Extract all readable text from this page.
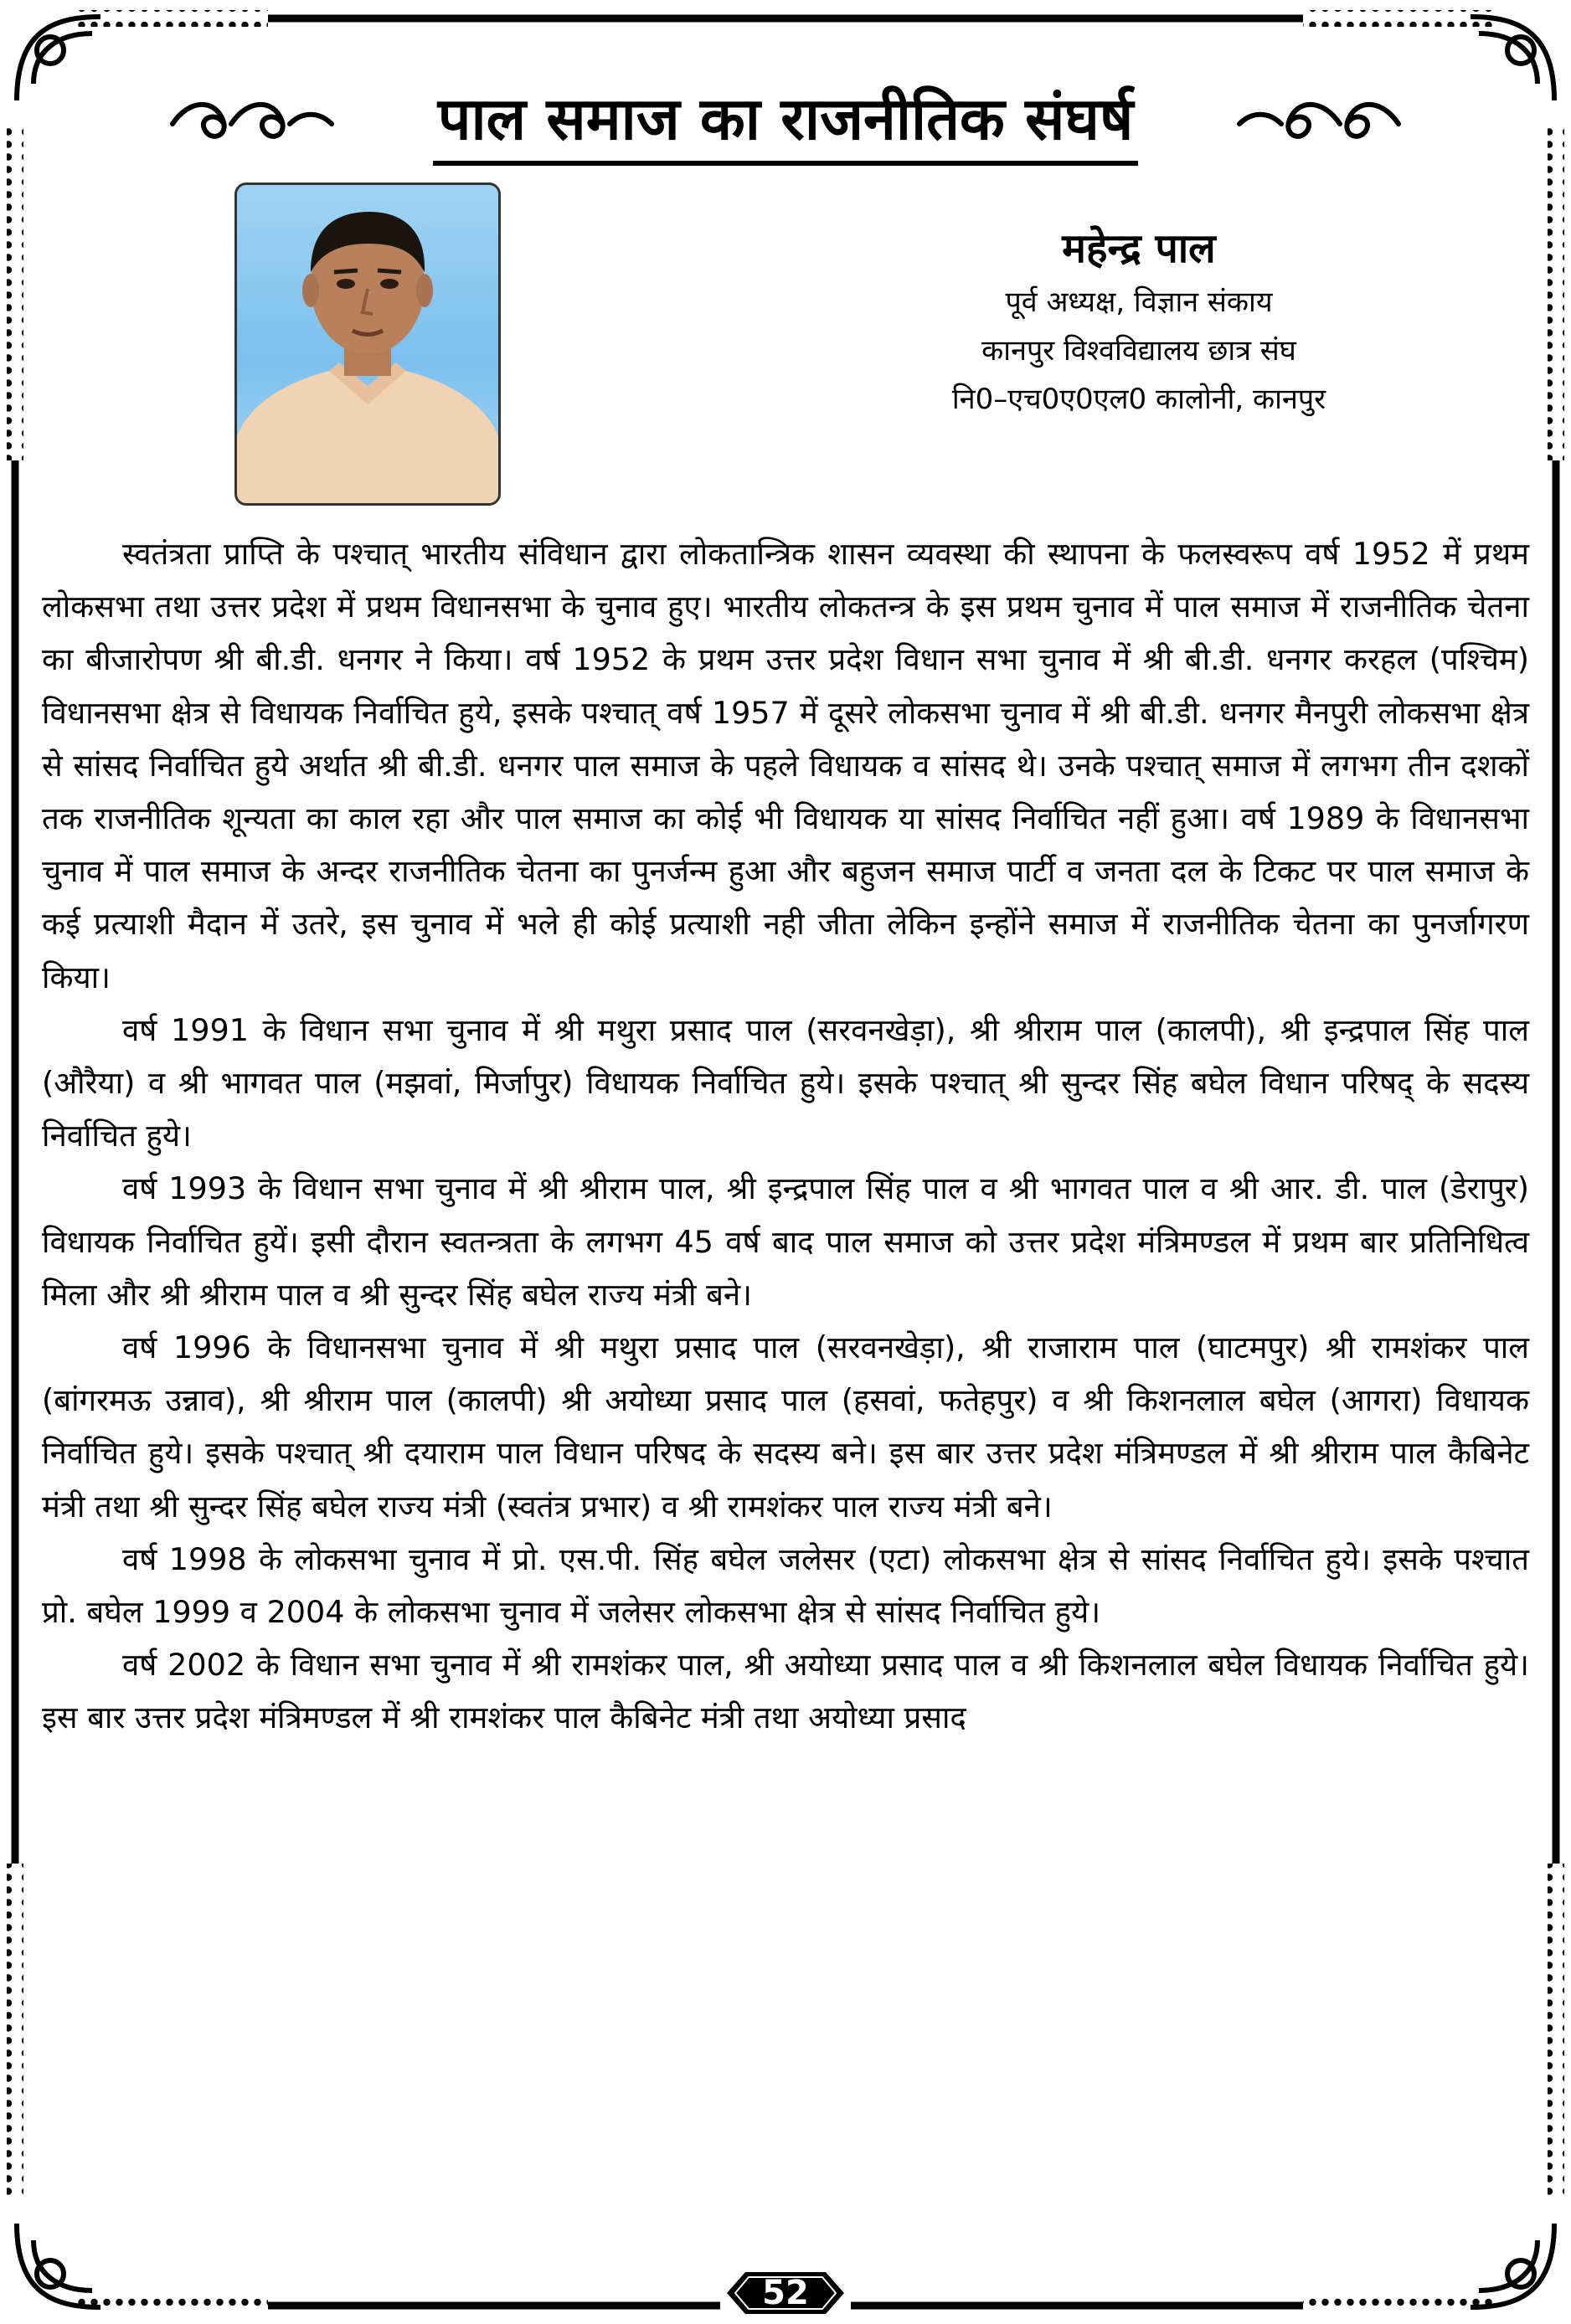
पाल समाज का राजनीतिक संघर्ष
महेन्द्र पाल
पूर्व अध्यक्ष, विज्ञान संकाय
कानपुर विश्वविद्यालय छात्र संघ
नि0–एच0ए0एल0 कालोनी, कानपुर

स्वतंत्रता प्राप्ति के पश्चात् भारतीय संविधान द्वारा लोकतान्त्रिक शासन व्यवस्था की स्थापना के फलस्वरूप वर्ष 1952 में प्रथम लोकसभा तथा उत्तर प्रदेश में प्रथम विधानसभा के चुनाव हुए। भारतीय लोकतन्त्र के इस प्रथम चुनाव में पाल समाज में राजनीतिक चेतना का बीजारोपण श्री बी.डी. धनगर ने किया। वर्ष 1952 के प्रथम उत्तर प्रदेश विधान सभा चुनाव में श्री बी.डी. धनगर करहल (पश्चिम) विधानसभा क्षेत्र से विधायक निर्वाचित हुये, इसके पश्चात् वर्ष 1957 में दूसरे लोकसभा चुनाव में श्री बी.डी. धनगर मैनपुरी लोकसभा क्षेत्र से सांसद निर्वाचित हुये अर्थात श्री बी.डी. धनगर पाल समाज के पहले विधायक व सांसद थे। उनके पश्चात् समाज में लगभग तीन दशकों तक राजनीतिक शून्यता का काल रहा और पाल समाज का कोई भी विधायक या सांसद निर्वाचित नहीं हुआ। वर्ष 1989 के विधानसभा चुनाव में पाल समाज के अन्दर राजनीतिक चेतना का पुनर्जन्म हुआ और बहुजन समाज पार्टी व जनता दल के टिकट पर पाल समाज के कई प्रत्याशी मैदान में उतरे, इस चुनाव में भले ही कोई प्रत्याशी नही जीता लेकिन इन्होंने समाज में राजनीतिक चेतना का पुनर्जागरण किया।

वर्ष 1991 के विधान सभा चुनाव में श्री मथुरा प्रसाद पाल (सरवनखेड़ा), श्री श्रीराम पाल (कालपी), श्री इन्द्रपाल सिंह पाल (औरैया) व श्री भागवत पाल (मझवां, मिर्जापुर) विधायक निर्वाचित हुये। इसके पश्चात् श्री सुन्दर सिंह बघेल विधान परिषद् के सदस्य निर्वाचित हुये।

वर्ष 1993 के विधान सभा चुनाव में श्री श्रीराम पाल, श्री इन्द्रपाल सिंह पाल व श्री भागवत पाल व श्री आर. डी. पाल (डेरापुर) विधायक निर्वाचित हुयें। इसी दौरान स्वतन्त्रता के लगभग 45 वर्ष बाद पाल समाज को उत्तर प्रदेश मंत्रिमण्डल में प्रथम बार प्रतिनिधित्व मिला और श्री श्रीराम पाल व श्री सुन्दर सिंह बघेल राज्य मंत्री बने।

वर्ष 1996 के विधानसभा चुनाव में श्री मथुरा प्रसाद पाल (सरवनखेड़ा), श्री राजाराम पाल (घाटमपुर) श्री रामशंकर पाल (बांगरमऊ उन्नाव), श्री श्रीराम पाल (कालपी) श्री अयोध्या प्रसाद पाल (हसवां, फतेहपुर) व श्री किशनलाल बघेल (आगरा) विधायक निर्वाचित हुये। इसके पश्चात् श्री दयाराम पाल विधान परिषद के सदस्य बने। इस बार उत्तर प्रदेश मंत्रिमण्डल में श्री श्रीराम पाल कैबिनेट मंत्री तथा श्री सुन्दर सिंह बघेल राज्य मंत्री (स्वतंत्र प्रभार) व श्री रामशंकर पाल राज्य मंत्री बने।

वर्ष 1998 के लोकसभा चुनाव में प्रो. एस.पी. सिंह बघेल जलेसर (एटा) लोकसभा क्षेत्र से सांसद निर्वाचित हुये। इसके पश्चात प्रो. बघेल 1999 व 2004 के लोकसभा चुनाव में जलेसर लोकसभा क्षेत्र से सांसद निर्वाचित हुये।

वर्ष 2002 के विधान सभा चुनाव में श्री रामशंकर पाल, श्री अयोध्या प्रसाद पाल व श्री किशनलाल बघेल विधायक निर्वाचित हुये। इस बार उत्तर प्रदेश मंत्रिमण्डल में श्री रामशंकर पाल कैबिनेट मंत्री तथा अयोध्या प्रसाद

52
